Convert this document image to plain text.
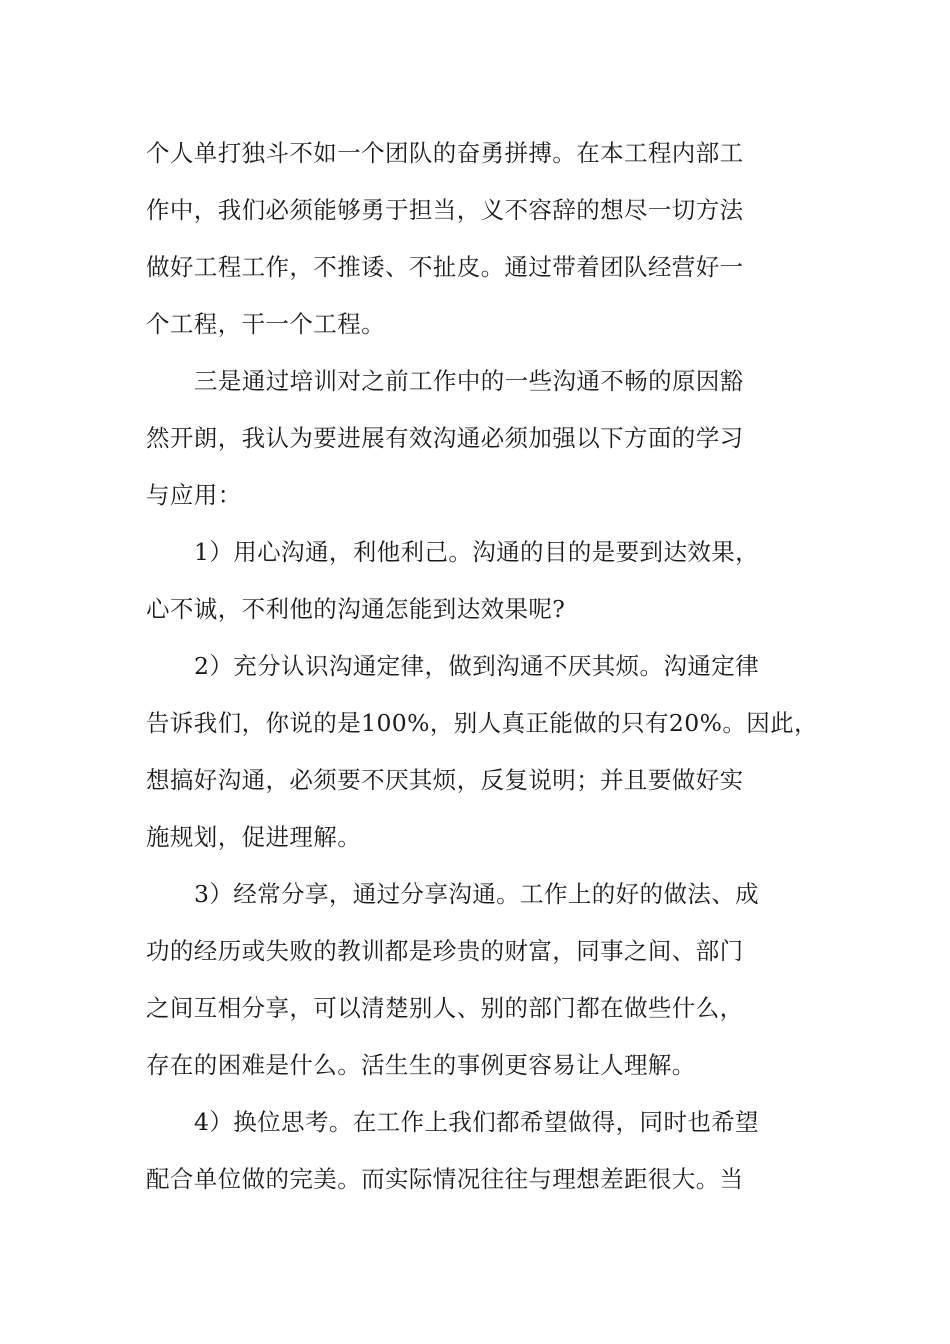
个人单打独斗不如一个团队的奋勇拼搏。在本工程内部工
作中，我们必须能够勇于担当，义不容辞的想尽一切方法
做好工程工作，不推诿、不扯皮。通过带着团队经营好一
个工程，干一个工程。
三是通过培训对之前工作中的一些沟通不畅的原因豁
然开朗，我认为要进展有效沟通必须加强以下方面的学习
与应用：
1）用心沟通，利他利己。沟通的目的是要到达效果，
心不诚，不利他的沟通怎能到达效果呢?
2）充分认识沟通定律，做到沟通不厌其烦。沟通定律
告诉我们，你说的是100%，别人真正能做的只有20%。因此，
想搞好沟通，必须要不厌其烦，反复说明；并且要做好实
施规划，促进理解。
3）经常分享，通过分享沟通。工作上的好的做法、成
功的经历或失败的教训都是珍贵的财富，同事之间、部门
之间互相分享，可以清楚别人、别的部门都在做些什么，
存在的困难是什么。活生生的事例更容易让人理解。
4）换位思考。在工作上我们都希望做得，同时也希望
配合单位做的完美。而实际情况往往与理想差距很大。当
